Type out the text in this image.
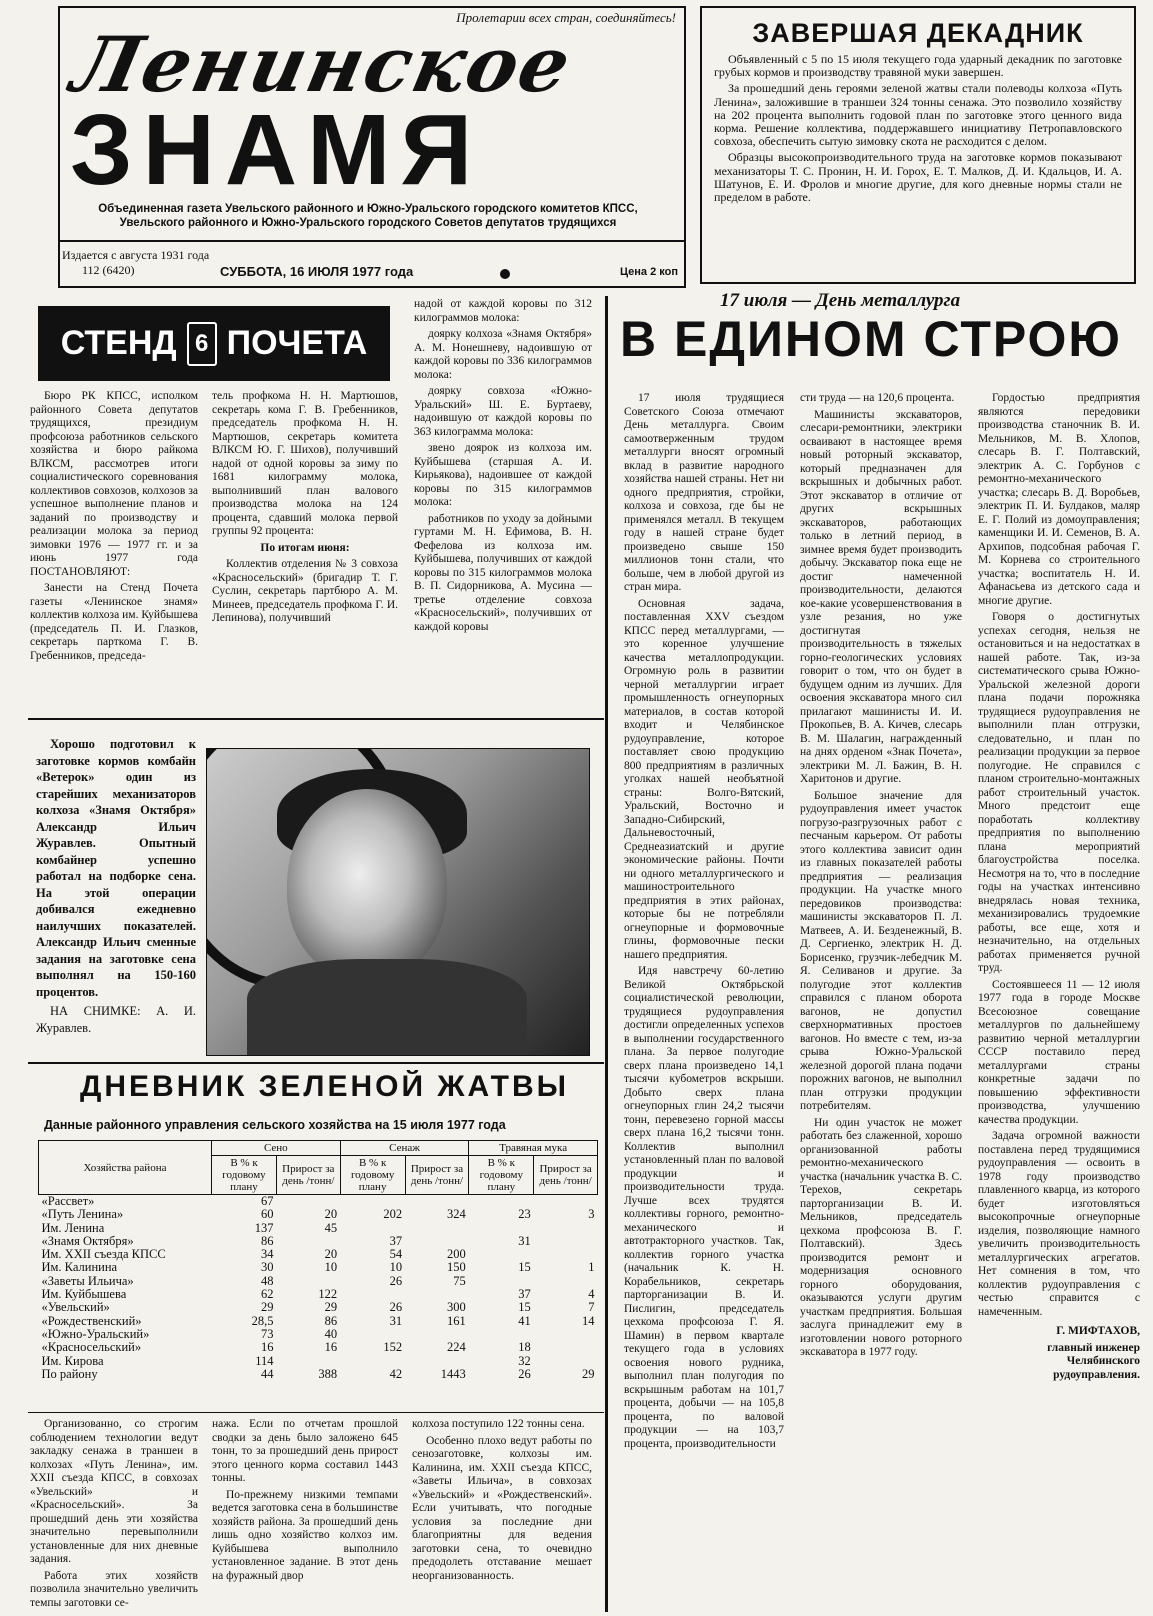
Пролетарии всех стран, соединяйтесь!
Ленинское
ЗНАМЯ
Объединенная газета Увельского районного и Южно-Уральского городского комитетов КПСС,
Увельского районного и Южно-Уральского городского Советов депутатов трудящихся
Издается с августа 1931 года
112 (6420)	СУББОТА, 16 ИЮЛЯ 1977 года	Цена 2 коп
ЗАВЕРШАЯ ДЕКАДНИК

Объявленный с 5 по 15 июля текущего года ударный декадник по заготовке грубых кормов и производству травяной муки завершен.

За прошедший день героями зеленой жатвы стали полеводы колхоза «Путь Ленина», заложившие в траншеи 324 тонны сенажа. Это позволило хозяйству на 202 процента выполнить годовой план по заготовке этого ценного вида корма. Решение коллектива, поддержавшего инициативу Петропавловского совхоза, обеспечить сытую зимовку скота не расходится с делом.

Образцы высокопроизводительного труда на заготовке кормов показывают механизаторы Т. С. Пронин, Н. И. Горох, Е. Т. Малков, Д. И. Кдальцов, И. А. Шатунов, Е. И. Фролов и многие другие, для кого дневные нормы стали не пределом в работе.

СТЕНД 6 ПОЧЕТА

Бюро РК КПСС, исполком районного Совета депутатов трудящихся, президиум профсоюза работников сельского хозяйства и бюро райкома ВЛКСМ, рассмотрев итоги социалистического соревнования коллективов совхозов, колхозов за успешное выполнение планов и заданий по производству и реализации молока за период зимовки 1976 — 1977 гг. и за июнь 1977 года ПОСТАНОВЛЯЮТ:

Занести на Стенд Почета газеты «Ленинское знамя» коллектив колхоза им. Куйбышева (председатель П. И. Глазков, секретарь парткома Г. В. Гребенников, председа-

тель профкома Н. Н. Мартюшов, секретарь кома Г. В. Гребенников, председатель профкома Н. Н. Мартюшов, секретарь комитета ВЛКСМ Ю. Г. Шихов), получивший надой от одной коровы за зиму по 1681 килограмму молока, выполнивший план валового производства молока на 124 процента, сдавший молока первой группы 92 процента:

По итогам июня:

Коллектив отделения № 3 совхоза «Красносельский» (бригадир Т. Г. Суслин, секретарь партбюро А. М. Минеев, председатель профкома Г. И. Лепинова), получивший

надой от каждой коровы по 312 килограммов молока:

доярку колхоза «Знамя Октября» А. М. Нонешневу, надоившую от каждой коровы по 336 килограммов молока:

доярку совхоза «Южно-Уральский» Ш. Е. Буртаеву, надоившую от каждой коровы по 363 килограмма молока:

звено доярок из колхоза им. Куйбышева (старшая А. И. Кирьякова), надоившее от каждой коровы по 315 килограммов молока:

работников по уходу за дойными гуртами М. Н. Ефимова, В. Н. Фефелова из колхоза им. Куйбышева, получивших от каждой коровы по 315 килограммов молока В. П. Сидорникова, А. Мусина — третье отделение совхоза «Красносельский», получивших от каждой коровы

Хорошо подготовил к заготовке кормов комбайн «Ветерок» один из старейших механизаторов колхоза «Знамя Октября» Александр Ильич Журавлев. Опытный комбайнер успешно работал на подборке сена. На этой операции добивался ежедневно наилучших показателей. Александр Ильич сменные задания на заготовке сена выполнял на 150-160 процентов.

НА СНИМКЕ: А. И. Журавлев.

ДНЕВНИК ЗЕЛЕНОЙ ЖАТВЫ
Данные районного управления сельского хозяйства на 15 июля 1977 года
Хозяйства района	Сено		Сенаж		Травяная мука	
	В % к годовому плану	Прирост за день /тонн/	В % к годовому плану	Прирост за день /тонн/	В % к годовому плану	Прирост за день /тонн/
«Рассвет»	67					
«Путь Ленина»	60	20	202	324	23	3
Им. Ленина	137	45				
«Знамя Октября»	86		37		31	
Им. XXII съезда КПСС	34	20	54	200		
Им. Калинина	30	10	10	150	15	1
«Заветы Ильича»	48		26	75		
Им. Куйбышева	62	122			37	4
«Увельский»	29	29	26	300	15	7
«Рождественский»	28,5	86	31	161	41	14
«Южно-Уральский»	73	40				
«Красносельский»	16	16	152	224	18	
Им. Кирова	114				32	
По району	44	388	42	1443	26	29

Организованно, со строгим соблюдением технологии ведут закладку сенажа в траншеи в колхозах «Путь Ленина», им. XXII съезда КПСС, в совхозах «Увельский» и «Красносельский». За прошедший день эти хозяйства значительно перевыполнили установленные для них дневные задания.

Работа этих хозяйств позволила значительно увеличить темпы заготовки се-

нажа. Если по отчетам прошлой сводки за день было заложено 645 тонн, то за прошедший день прирост этого ценного корма составил 1443 тонны.

По-прежнему низкими темпами ведется заготовка сена в большинстве хозяйств района. За прошедший день лишь одно хозяйство колхоз им. Куйбышева выполнило установленное задание. В этот день на фуражный двор

колхоза поступило 122 тонны сена.

Особенно плохо ведут работы по сенозаготовке, колхозы им. Калинина, им. XXII съезда КПСС, «Заветы Ильича», в совхозах «Увельский» и «Рождественский». Если учитывать, что погодные условия за последние дни благоприятны для ведения заготовки сена, то очевидно предодолеть отставание мешает неорганизованность.

17 июля — День металлурга
В ЕДИНОМ СТРОЮ

17 июля трудящиеся Советского Союза отмечают День металлурга. Своим самоотверженным трудом металлурги вносят огромный вклад в развитие народного хозяйства нашей страны. Нет ни одного предприятия, стройки, колхоза и совхоза, где бы не применялся металл. В текущем году в нашей стране будет произведено свыше 150 миллионов тонн стали, что больше, чем в любой другой из стран мира.

Основная задача, поставленная XXV съездом КПСС перед металлургами, — это коренное улучшение качества металлопродукции. Огромную роль в развитии черной металлургии играет промышленность огнеупорных материалов, в состав которой входит и Челябинское рудоуправление, которое поставляет свою продукцию 800 предприятиям в различных уголках нашей необъятной страны: Волго-Вятский, Уральский, Восточно и Западно-Сибирский, Дальневосточный, Среднеазиатский и другие экономические районы. Почти ни одного металлургического и машиностроительного предприятия в этих районах, которые бы не потребляли огнеупорные и формовочные глины, формовочные пески нашего предприятия.

Идя навстречу 60-летию Великой Октябрьской социалистической революции, трудящиеся рудоуправления достигли определенных успехов в выполнении государственного плана. За первое полугодие сверх плана произведено 14,1 тысячи кубометров вскрыши. Добыто сверх плана огнеупорных глин 24,2 тысячи тонн, перевезено горной массы сверх плана 16,2 тысячи тонн. Коллектив выполнил установленный план по валовой продукции и производительности труда. Лучше всех трудятся коллективы горного, ремонтно-механического и автотракторного участков. Так, коллектив горного участка (начальник К. Н. Корабельников, секретарь парторганизации В. И. Пислигин, председатель цехкома профсоюза Г. Я. Шамин) в первом квартале текущего года в условиях освоения нового рудника, выполнил план полугодия по вскрышным работам на 101,7 процента, добычи — на 105,8 процента, по валовой продукции — на 103,7 процента, производительности

сти труда — на 120,6 процента.

Машинисты экскаваторов, слесари-ремонтники, электрики осваивают в настоящее время новый роторный экскаватор, который предназначен для вскрышных и добычных работ. Этот экскаватор в отличие от других вскрышных экскаваторов, работающих только в летний период, в зимнее время будет производить добычу. Экскаватор пока еще не достиг намеченной производительности, делаются кое-какие усовершенствования в узле резания, но уже достигнутая производительность в тяжелых горно-геологических условиях говорит о том, что он будет в будущем одним из лучших. Для освоения экскаватора много сил прилагают машинисты И. И. Прокопьев, В. А. Кичев, слесарь В. М. Шалагин, награжденный на днях орденом «Знак Почета», электрики М. Л. Бажин, В. Н. Харитонов и другие.

Большое значение для рудоуправления имеет участок погрузо-разгрузочных работ с песчаным карьером. От работы этого коллектива зависит один из главных показателей работы предприятия — реализация продукции. На участке много передовиков производства: машинисты экскаваторов П. Л. Матвеев, А. И. Безденежный, В. Д. Сергиенко, электрик Н. Д. Борисенко, грузчик-лебедчик М. Я. Селиванов и другие. За полугодие этот коллектив справился с планом оборота вагонов, не допустил сверхнормативных простоев вагонов. Но вместе с тем, из-за срыва Южно-Уральской железной дорогой плана подачи порожних вагонов, не выполнил план отгрузки продукции потребителям.

Ни один участок не может работать без слаженной, хорошо организованной работы ремонтно-механического участка (начальник участка В. С. Терехов, секретарь парторганизации В. И. Мельников, председатель цехкома профсоюза В. Г. Полтавский). Здесь производится ремонт и модернизация основного горного оборудования, оказываются услуги другим участкам предприятия. Большая заслуга принадлежит ему в изготовлении нового роторного экскаватора в 1977 году.

Гордостью предприятия являются передовики производства станочник В. И. Мельников, М. В. Хлопов, слесарь В. Г. Полтавский, электрик А. С. Горбунов с ремонтно-механического участка; слесарь В. Д. Воробьев, электрик П. И. Булдаков, маляр Е. Г. Полий из домоуправления; каменщики И. И. Семенов, В. А. Архипов, подсобная рабочая Г. М. Корнева со строительного участка; воспитатель Н. И. Афанасьева из детского сада и многие другие.

Говоря о достигнутых успехах сегодня, нельзя не остановиться и на недостатках в нашей работе. Так, из-за систематического срыва Южно-Уральской железной дороги плана подачи порожняка трудящиеся рудоуправления не выполнили план отгрузки, следовательно, и план по реализации продукции за первое полугодие. Не справился с планом строительно-монтажных работ строительный участок. Много предстоит еще поработать коллективу предприятия по выполнению плана мероприятий благоустройства поселка. Несмотря на то, что в последние годы на участках интенсивно внедрялась новая техника, механизировались трудоемкие работы, все еще, хотя и незначительно, на отдельных работах применяется ручной труд.

Состоявшееся 11 — 12 июля 1977 года в городе Москве Всесоюзное совещание металлургов по дальнейшему развитию черной металлургии СССР поставило перед металлургами страны конкретные задачи по повышению эффективности производства, улучшению качества продукции.

Задача огромной важности поставлена перед трудящимися рудоуправления — освоить в 1978 году производство плавленного кварца, из которого будет изготовляться высокопрочные огнеупорные изделия, позволяющие намного увеличить производительность металлургических агрегатов. Нет сомнения в том, что коллектив рудоуправления с честью справится с намеченным.

Г. МИФТАХОВ,

главный инженер Челябинского рудоуправления.
